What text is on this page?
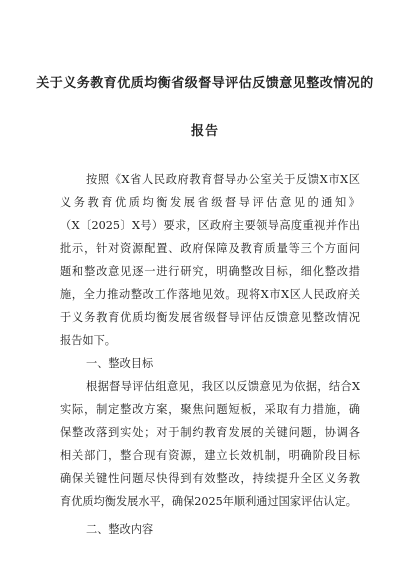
关于义务教育优质均衡省级督导评估反馈意见整改情况的
报告
按照《X省人民政府教育督导办公室关于反馈X市X区
义务教育优质均衡发展省级督导评估意见的通知》
（X〔2025〕X号）要求，区政府主要领导高度重视并作出
批示，针对资源配置、政府保障及教育质量等三个方面问
题和整改意见逐一进行研究，明确整改目标，细化整改措
施，全力推动整改工作落地见效。现将X市X区人民政府关
于义务教育优质均衡发展省级督导评估反馈意见整改情况
报告如下。
一、整改目标
根据督导评估组意见，我区以反馈意见为依据，结合X
实际，制定整改方案，聚焦问题短板，采取有力措施，确
保整改落到实处；对于制约教育发展的关键问题，协调各
相关部门，整合现有资源，建立长效机制，明确阶段目标
确保关键性问题尽快得到有效整改，持续提升全区义务教
育优质均衡发展水平，确保2025年顺利通过国家评估认定。
二、整改内容
